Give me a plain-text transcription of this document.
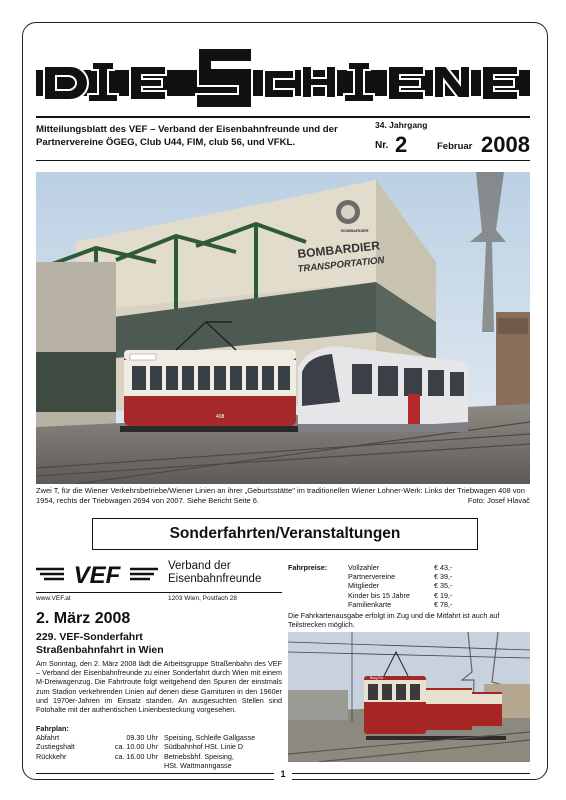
Mitteilungsblatt des VEF – Verband der Eisenbahnfreunde und der Partnervereine ÖGEG, Club U44, FIM, club 56, und VFKL.
34. Jahrgang
Nr. 2	Februar 2008
BOMBARDIER
TRANSPORTATION
BOMBARDIER
408
Zwei T, für die Wiener Verkehrsbetriebe/Wiener Linien an ihrer „Geburtsstätte" im traditionellen Wiener Lohner-Werk: Links der Triebwagen 408 von 1954, rechts der Triebwagen 2694 von 2007. Siehe Bericht Seite 6.	Foto: Josef Hlavač
Sonderfahrten/Veranstaltungen
VEF	Verband der
Eisenbahnfreunde
www.VEF.at	1203 Wien, Postfach 28
2. März 2008
229. VEF-Sonderfahrt
Straßenbahnfahrt in Wien
Am Sonntag, den 2. März 2008 lädt die Arbeitsgruppe Straßenbahn des VEF – Verband der Eisenbahnfreunde zu einer Sonderfahrt durch Wien mit einem M-Dreiwagenzug. Die Fahrtroute folgt weitgehend den Spuren der einstmals zum Stadion verkehrenden Linien auf denen diese Garnituren in den 1960er und 1970er-Jahren im Einsatz standen. An ausgesuchten Stellen sind Fotohalte mit der authentischen Linienbesteckung vorgesehen.
Fahrplan:
Abfahrt	09.30 Uhr Speising, Schleife Gallgasse
Zustiegshalt	ca. 10.00 Uhr Südbahnhof HSt. Linie D
Rückkehr	ca. 16.00 Uhr Betriebsbhf. Speising,
HSt. Wattmanngasse
Fahrpreise:	Vollzahler	€ 43,-
Partnervereine	€ 39,-
Mitglieder	€ 35,-
Kinder bis 15 Jahre	€ 19,-
Familienkarte	€ 78,-
Die Fahrkartenausgabe erfolgt im Zug und die Mitfahrt ist auch auf Teilstrecken möglich.
Burg Rd
1
